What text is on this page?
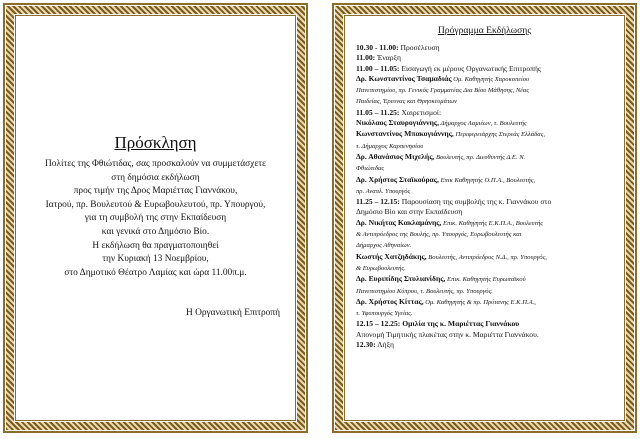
Πρόσκληση
Πολίτες της Φθιώτιδας, σας προσκαλούν να συμμετάσχετε
στη δημόσια εκδήλωση
προς τιμήν της Δρος Μαριέττας Γιαννάκου,
Ιατρού, πρ. Βουλευτού & Ευρωβουλευτού, πρ. Υπουργού,
για τη συμβολή της στην Εκπαίδευση
και γενικά στο Δημόσιο Βίο.
Η εκδήλωση θα πραγματοποιηθεί
την Κυριακή 13 Νοεμβρίου,
στο Δημοτικό Θέατρο Λαμίας και ώρα 11.00π.μ.
Η Οργανωτική Επιτροπή
Πρόγραμμα Εκδήλωσης
10.30 - 11.00: Προσέλευση
11.00: Έναρξη
11.00 – 11.05: Εισαγωγή εκ μέρους Οργανωτικής Επιτροπής
Δρ. Κωνσταντίνος Τσαμαδιάς Ομ. Καθηγητής Χαροκοπείου
Πανεπιστημίου, πρ. Γενικός Γραμματέας Δια Βίου Μάθησης, Νέας
Παιδείας, Έρευνας και Θρησκευμάτων
11.05 – 11.25: Χαιρετισμοί:
Νικόλαος Σταυρογιάννης, Δήμαρχος Λαμιέων, τ. Βουλευτής
Κωνσταντίνος Μπακογιάννης, Περιφερειάρχης Στερεάς Ελλάδας,
τ. Δήμαρχος Καρπενησίου
Δρ. Αθανάσιος Μιχελής, Βουλευτής, πρ. Διευθυντής Δ.Ε. Ν.
Φθιώτιδας
Δρ. Χρήστος Σταϊκούρας, Επικ Καθηγητής Ο.Π.Α., Βουλευτής,
πρ. Αναπλ. Υπουργός
11.25 – 12.15: Παρουσίαση της συμβολής της κ. Γιαννάκου στο
Δημόσιο Βίο και στην Εκπαίδευση
Δρ. Νικήτας Κακλαμάνης, Επικ. Καθηγητής Ε.Κ.Π.Α., Βουλευτής
& Αντιπρόεδρος της Βουλής, πρ. Υπουργός, Ευρωβουλευτής και
Δήμαρχος Αθηναίων.
Κωστής Χατζηδάκης, Βουλευτής, Αντιπρόεδρος Ν.Δ., πρ. Υπουργός,
& Ευρωβουλευτής.
Δρ. Ευριπίδης Στυλιανίδης, Επικ. Καθηγητής Ευρωπαϊκού
Πανεπιστημίου Κύπρου, τ. Βουλευτής, πρ. Υπουργός.
Δρ. Χρήστος Κίττας, Ομ. Καθηγητής & πρ. Πρύτανης Ε.Κ.Π.Α.,
τ. Υφυπουργός Υγείας.
12.15 – 12.25: Ομιλία της κ. Μαριέττας Γιαννάκου
Απονομή Τιμητικής πλακέτας στην κ. Μαριέττα Γιαννάκου.
12.30: Λήξη
